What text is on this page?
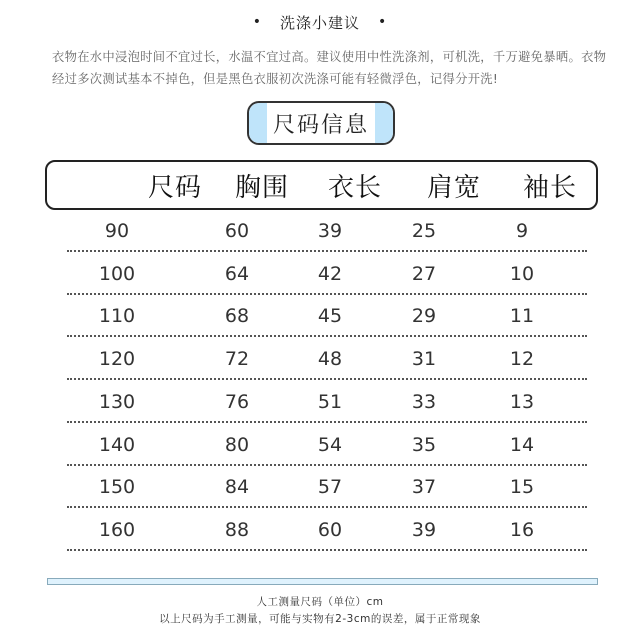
• 洗涤小建议 •
衣物在水中浸泡时间不宜过长，水温不宜过高。建议使用中性洗涤剂，可机洗，千万避免暴晒。衣物经过多次测试基本不掉色，但是黑色衣服初次洗涤可能有轻微浮色，记得分开洗!
尺码信息
尺码	胸围	衣长	肩宽	袖长
90	60	39	25	9
100	64	42	27	10
110	68	45	29	11
120	72	48	31	12
130	76	51	33	13
140	80	54	35	14
150	84	57	37	15
160	88	60	39	16
人工测量尺码（单位）cm
以上尺码为手工测量，可能与实物有2-3cm的误差，属于正常现象
